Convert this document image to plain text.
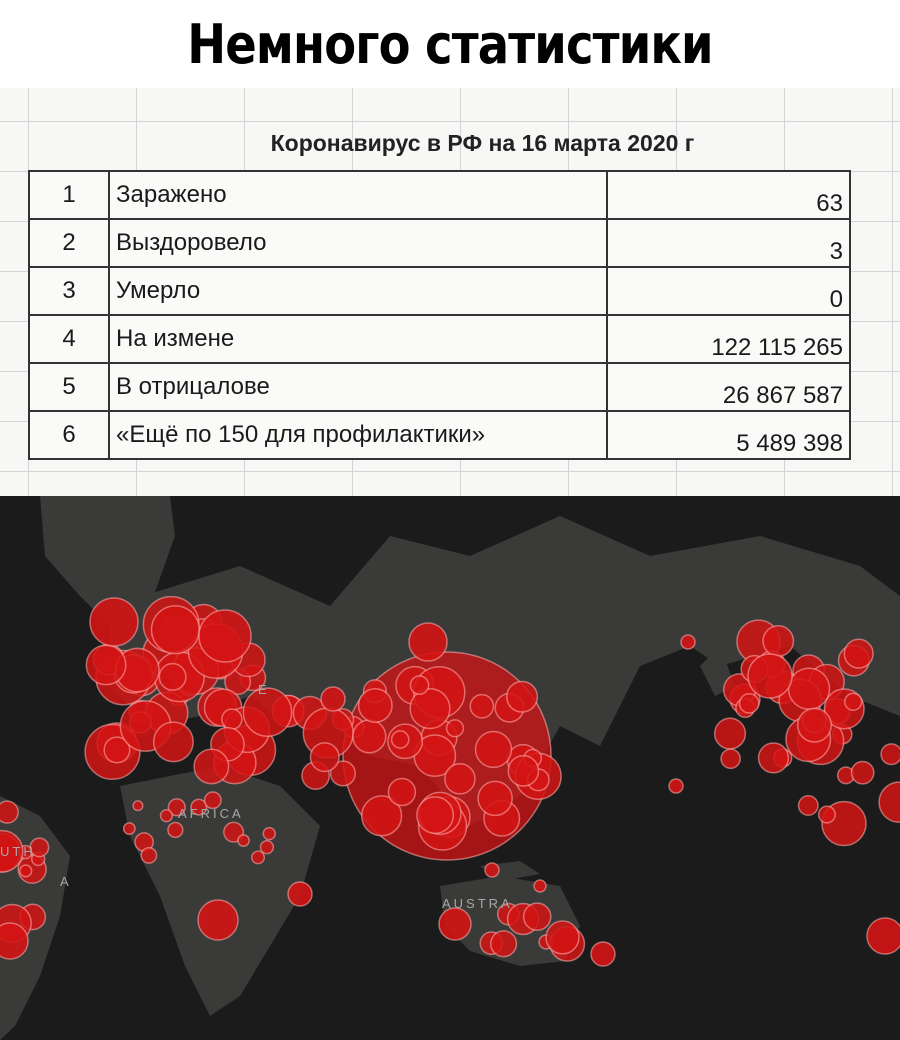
Немного статистики
Коронавирус в РФ на 16 марта 2020 г
1	Заражено	63
2	Выздоровело	3
3	Умерло	0
4	На измене	122 115 265
5	В отрицалове	26 867 587
6	«Ещё по 150 для профилактики»	5 489 398
E
AFRICA
UTH
A
AUSTRA
